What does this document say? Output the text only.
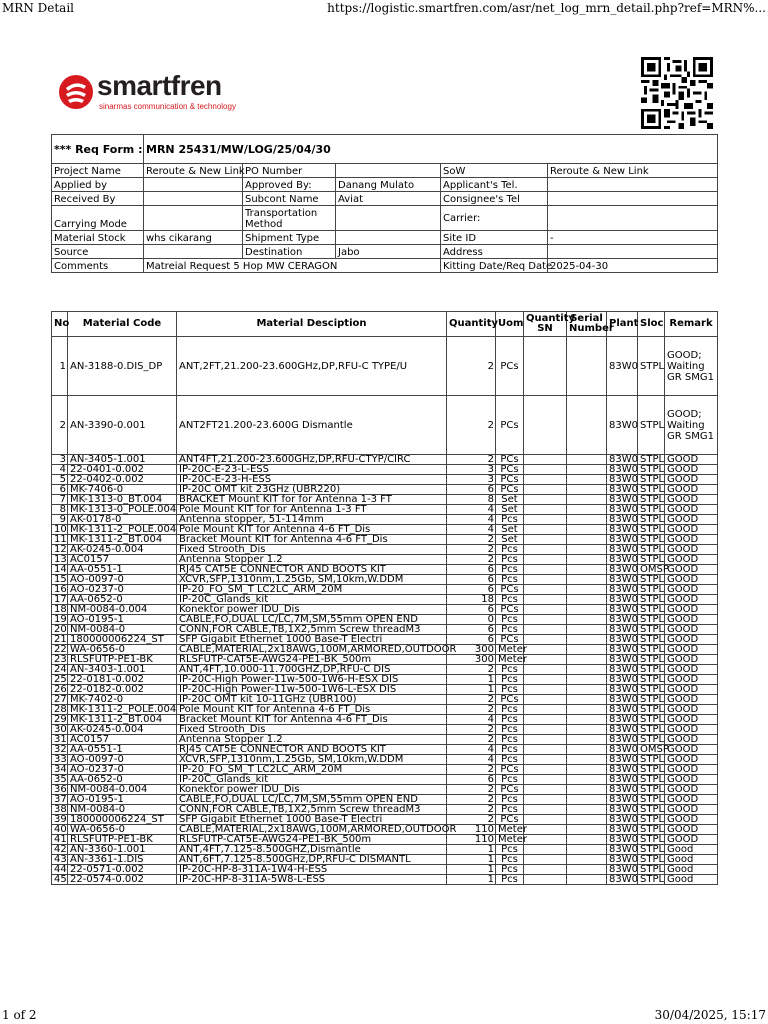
MRN Detail	https://logistic.smartfren.com/asr/net_log_mrn_detail.php?ref=MRN%...
smartfren
sinarmas communication & technology
*** Req Form :	MRN 25431/MW/LOG/25/04/30				
Project Name	Reroute & New Link	PO Number		SoW	Reroute & New Link
Applied by		Approved By:	Danang Mulato	Applicant's Tel.	
Received By		Subcont Name	Aviat	Consignee's Tel	
Carrying Mode		Transportation Method		Carrier:	
Material Stock	whs cikarang	Shipment Type		Site ID	-
Source		Destination	Jabo	Address	
Comments	Matreial Request 5 Hop MW CERAGON			Kitting Date/Req Date	2025-04-30
No	Material Code	Material Desciption	Quantity	Uom	Quantity SN	Serial Number	Plant	Sloc	Remark
1	AN-3188-0.DIS_DP	ANT,2FT,21.200-23.600GHz,DP,RFU-C TYPE/U	2	PCs			83W0	STPL	GOOD; Waiting GR SMG1
2	AN-3390-0.001	ANT2FT21.200-23.600G Dismantle	2	PCs			83W0	STPL	GOOD; Waiting GR SMG1
3	AN-3405-1.001	ANT4FT,21.200-23.600GHz,DP,RFU-CTYP/CIRC	2	PCs			83W0	STPL	GOOD
4	22-0401-0.002	IP-20C-E-23-L-ESS	3	PCs			83W0	STPL	GOOD
5	22-0402-0.002	IP-20C-E-23-H-ESS	3	PCs			83W0	STPL	GOOD
6	MK-7406-0	IP-20C OMT kit 23GHz (UBR220)	6	PCs			83W0	STPL	GOOD
7	MK-1313-0_BT.004	BRACKET Mount KIT for for Antenna 1-3 FT	8	Set			83W0	STPL	GOOD
8	MK-1313-0_POLE.004	Pole Mount KIT for for Antenna 1-3 FT	4	Set			83W0	STPL	GOOD
9	AK-0178-0	Antenna stopper, 51-114mm	4	Pcs			83W0	STPL	GOOD
10	MK-1311-2_POLE.004	Pole Mount KIT for Antenna 4-6 FT_Dis	4	Set			83W0	STPL	GOOD
11	MK-1311-2_BT.004	Bracket Mount KIT for Antenna 4-6 FT_Dis	2	Set			83W0	STPL	GOOD
12	AK-0245-0.004	Fixed Strooth_Dis	2	Pcs			83W0	STPL	GOOD
13	AC0157	Antenna Stopper 1.2	2	Pcs			83W0	STPL	GOOD
14	AA-0551-1	RJ45 CAT5E CONNECTOR AND BOOTS KIT	6	Pcs			83W0	OMSP	GOOD
15	AO-0097-0	XCVR,SFP,1310nm,1.25Gb, SM,10km,W.DDM	6	Pcs			83W0	STPL	GOOD
16	AO-0237-0	IP-20_FO_SM_T LC2LC_ARM_20M	6	PCs			83W0	STPL	GOOD
17	AA-0652-0	IP-20C_Glands_kit	18	Pcs			83W0	STPL	GOOD
18	NM-0084-0.004	Konektor power IDU_Dis	6	PCs			83W0	STPL	GOOD
19	AO-0195-1	CABLE,FO,DUAL LC/LC,7M,SM,55mm OPEN END	0	Pcs			83W0	STPL	GOOD
20	NM-0084-0	CONN,FOR CABLE,TB,1X2,5mm Screw threadM3	6	Pcs			83W0	STPL	GOOD
21	180000006224_ST	SFP Gigabit Ethernet 1000 Base-T Electri	6	PCs			83W0	STPL	GOOD
22	WA-0656-0	CABLE,MATERIAL,2x18AWG,100M,ARMORED,OUTDOOR	300	Meter			83W0	STPL	GOOD
23	RLSFUTP-PE1-BK	RLSFUTP-CAT5E-AWG24-PE1-BK_500m	300	Meter			83W0	STPL	GOOD
24	AN-3403-1.001	ANT,4FT,10.000-11.700GHZ,DP,RFU-C DIS	2	Pcs			83W0	STPL	GOOD
25	22-0181-0.002	IP-20C-High Power-11w-500-1W6-H-ESX DIS	1	Pcs			83W0	STPL	GOOD
26	22-0182-0.002	IP-20C-High Power-11w-500-1W6-L-ESX DIS	1	Pcs			83W0	STPL	GOOD
27	MK-7402-0	IP-20C OMT kit 10-11GHz (UBR100)	2	PCs			83W0	STPL	GOOD
28	MK-1311-2_POLE.004	Pole Mount KIT for Antenna 4-6 FT_Dis	2	Pcs			83W0	STPL	GOOD
29	MK-1311-2_BT.004	Bracket Mount KIT for Antenna 4-6 FT_Dis	4	Pcs			83W0	STPL	GOOD
30	AK-0245-0.004	Fixed Strooth_Dis	2	Pcs			83W0	STPL	GOOD
31	AC0157	Antenna Stopper 1.2	2	Pcs			83W0	STPL	GOOD
32	AA-0551-1	RJ45 CAT5E CONNECTOR AND BOOTS KIT	4	Pcs			83W0	OMSP	GOOD
33	AO-0097-0	XCVR,SFP,1310nm,1.25Gb, SM,10km,W.DDM	4	Pcs			83W0	STPL	GOOD
34	AO-0237-0	IP-20_FO_SM_T LC2LC_ARM_20M	2	PCs			83W0	STPL	GOOD
35	AA-0652-0	IP-20C_Glands_kit	6	Pcs			83W0	STPL	GOOD
36	NM-0084-0.004	Konektor power IDU_Dis	2	PCs			83W0	STPL	GOOD
37	AO-0195-1	CABLE,FO,DUAL LC/LC,7M,SM,55mm OPEN END	2	Pcs			83W0	STPL	GOOD
38	NM-0084-0	CONN,FOR CABLE,TB,1X2,5mm Screw threadM3	2	Pcs			83W0	STPL	GOOD
39	180000006224_ST	SFP Gigabit Ethernet 1000 Base-T Electri	2	PCs			83W0	STPL	GOOD
40	WA-0656-0	CABLE,MATERIAL,2x18AWG,100M,ARMORED,OUTDOOR	110	Meter			83W0	STPL	GOOD
41	RLSFUTP-PE1-BK	RLSFUTP-CAT5E-AWG24-PE1-BK_500m	110	Meter			83W0	STPL	GOOD
42	AN-3360-1.001	ANT,4FT,7.125-8.500GHZ,Dismantle	1	Pcs			83W0	STPL	Good
43	AN-3361-1.DIS	ANT,6FT,7.125-8.500GHz,DP,RFU-C DISMANTL	1	Pcs			83W0	STPL	Good
44	22-0571-0.002	IP-20C-HP-8-311A-1W4-H-ESS	1	Pcs			83W0	STPL	Good
45	22-0574-0.002	IP-20C-HP-8-311A-5W8-L-ESS	1	Pcs			83W0	STPL	Good
1 of 2	30/04/2025, 15:17
